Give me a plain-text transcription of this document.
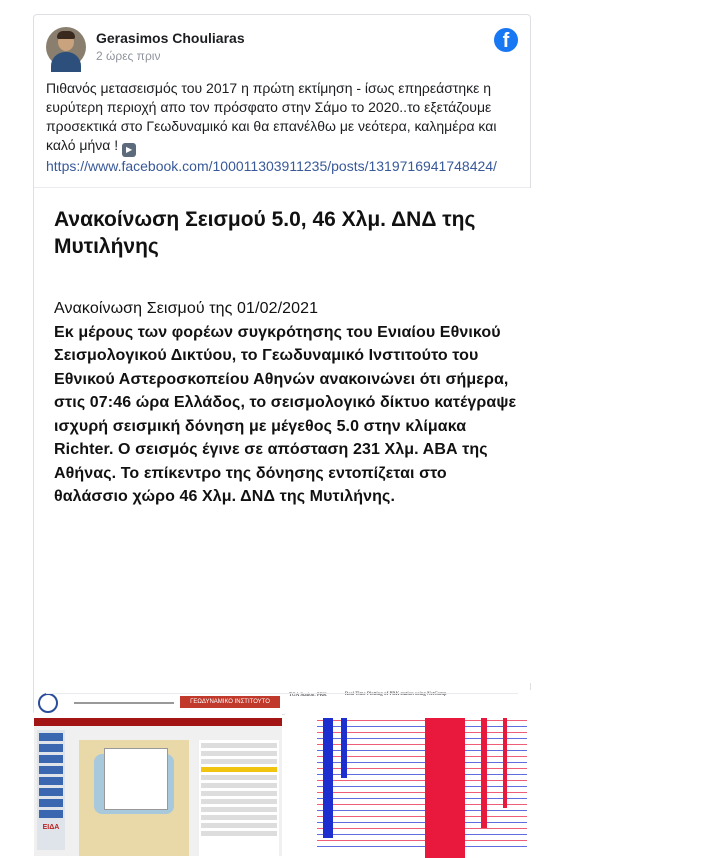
Gerasimos Chouliaras
2 ώρες πριν
f
Πιθανός μετασεισμός του 2017 η πρώτη εκτίμηση - ίσως επηρεάστηκε η ευρύτερη περιοχή απο τον πρόσφατο στην Σάμο το 2020..το εξετάζουμε προσεκτικά στο Γεωδυναμικό και θα επανέλθω με νεότερα, καλημέρα και καλό μήνα ! ▶
https://www.facebook.com/100011303911235/posts/1319716941748424/
Ανακοίνωση Σεισμού 5.0, 46 Χλμ. ΔΝΔ της Μυτιλήνης
Ανακοίνωση Σεισμού της 01/02/2021
Εκ μέρους των φορέων συγκρότησης του Ενιαίου Εθνικού Σεισμολογικού Δικτύου, το Γεωδυναμικό Ινστιτούτο του Εθνικού Αστεροσκοπείου Αθηνών ανακοινώνει ότι σήμερα, στις 07:46 ώρα Ελλάδος, το σεισμολογικό δίκτυο κατέγραψε ισχυρή σεισμική δόνηση με μέγεθος 5.0 στην κλίμακα Richter. Ο σεισμός έγινε σε απόσταση 231 Χλμ. ΑΒΑ της Αθήνας. Το επίκεντρο της δόνησης εντοπίζεται στο θαλάσσιο χώρο 46 Χλμ. ΔΝΔ της Μυτιλήνης.
ΓΕΩΔΥΝΑΜΙΚΟ ΙΝΣΤΙΤΟΥΤΟ
ΕΙΔΑ
TGA Station: PRK	Real Time Plotting of PRK station using NetComp
